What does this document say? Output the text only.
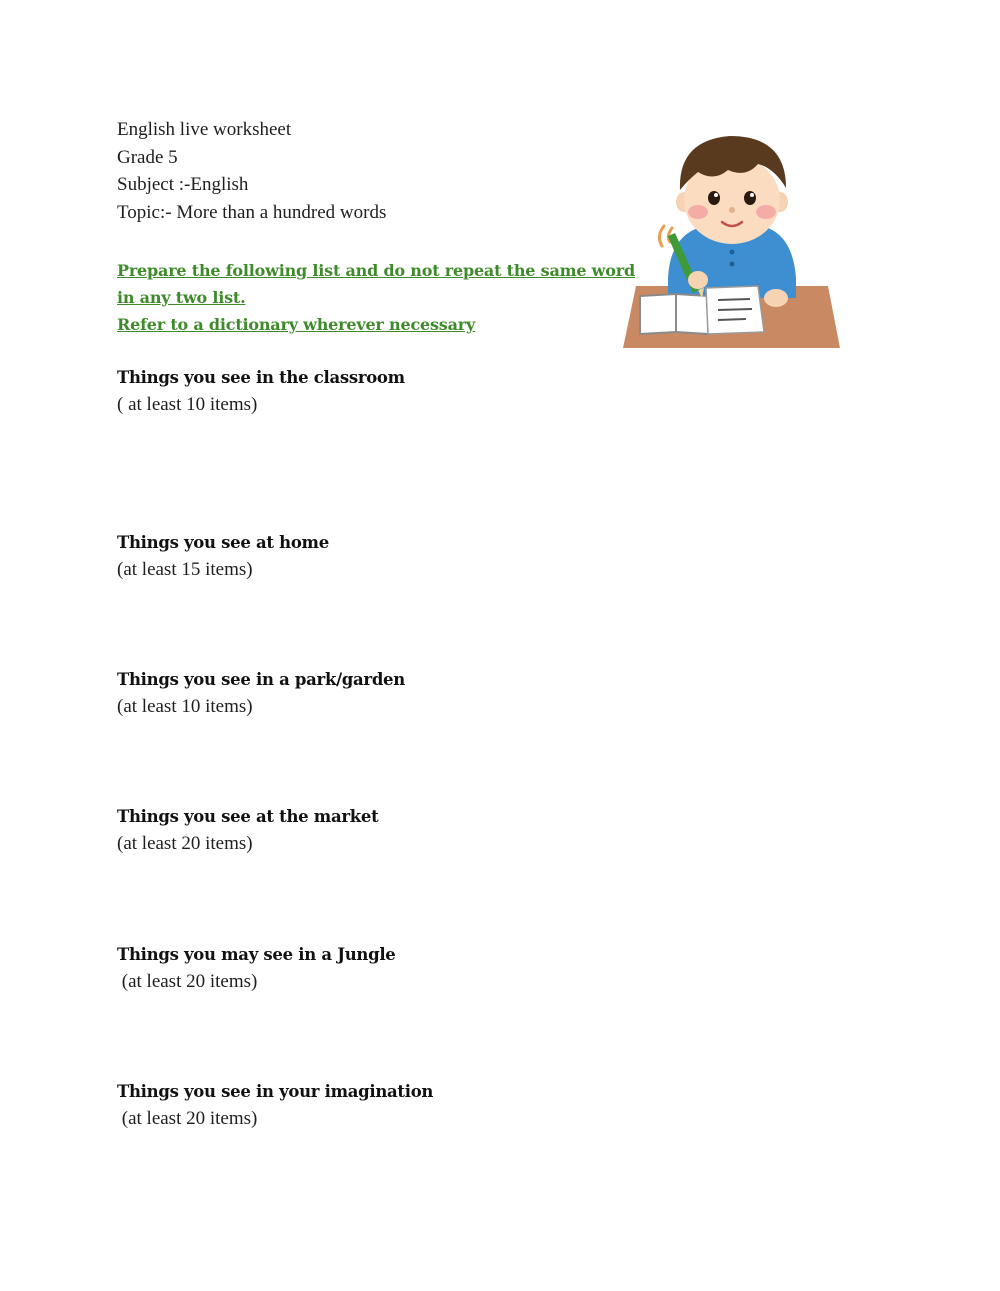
English live worksheet
Grade 5
Subject :-English
Topic:- More than a hundred words
Prepare the following list and do not repeat the same word
in any two list.
Refer to a dictionary wherever necessary
Things you see in the classroom
( at least 10 items)
Things you see at home
(at least 15 items)
Things you see in a park/garden
(at least 10 items)
Things you see at the market
(at least 20 items)
Things you may see in a Jungle
(at least 20 items)
Things you see in your imagination
(at least 20 items)
